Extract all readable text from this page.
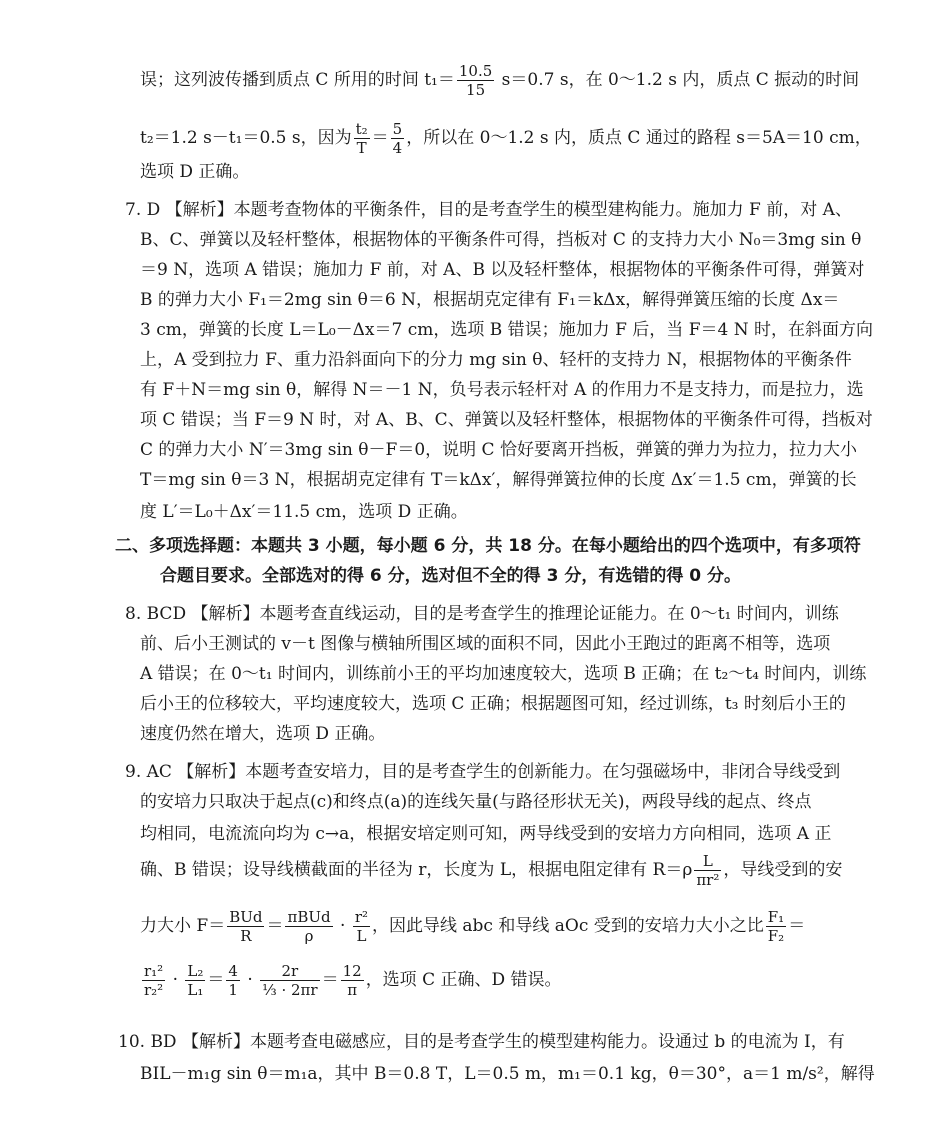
误；这列波传播到质点 C 所用的时间 $t_1= \frac{10.5}{15} s=0.7$ s，在 0～1.2 s 内，质点 C 振动的时间
t₂＝1.2 s－t₁＝0.5 s，因为 $\frac{\text{t₂}}{T} = \frac{5}{4}$ ，所以在 0～1.2 s 内，质点 C 通过的路程 s＝5A＝10 cm，
选项 D 正确。
7. D 【解析】本题考查物体的平衡条件，目的是考查学生的模型建构能力。施加力 F 前，对 A、
B、C、弹簧以及轻杆整体，根据物体的平衡条件可得，挡板对 C 的支持力大小 N₀＝3mg sin θ
＝9 N，选项 A 错误；施加力 F 前，对 A、B 以及轻杆整体，根据物体的平衡条件可得，弹簧对
B 的弹力大小 F₁＝2mg sin θ＝6 N，根据胡克定律有 F₁＝kΔx，解得弹簧压缩的长度 Δx＝
3 cm，弹簧的长度 L＝L₀－Δx＝7 cm，选项 B 错误；施加力 F 后，当 F＝4 N 时，在斜面方向
上，A 受到拉力 F、重力沿斜面向下的分力 mg sin θ、轻杆的支持力 N，根据物体的平衡条件
有 F＋N＝mg sin θ，解得 N＝－1 N，负号表示轻杆对 A 的作用力不是支持力，而是拉力，选
项 C 错误；当 F＝9 N 时，对 A、B、C、弹簧以及轻杆整体，根据物体的平衡条件可得，挡板对
C 的弹力大小 N′＝3mg sin θ－F＝0，说明 C 恰好要离开挡板，弹簧的弹力为拉力，拉力大小
T＝mg sin θ＝3 N，根据胡克定律有 T＝kΔx′，解得弹簧拉伸的长度 Δx′＝1.5 cm，弹簧的长
度 L′＝L₀＋Δx′＝11.5 cm，选项 D 正确。
二、多项选择题：本题共 3 小题，每小题 6 分，共 18 分。在每小题给出的四个选项中，有多项符
合题目要求。全部选对的得 6 分，选对但不全的得 3 分，有选错的得 0 分。
8. BCD 【解析】本题考查直线运动，目的是考查学生的推理论证能力。在 0～t₁ 时间内，训练
前、后小王测试的 v－t 图像与横轴所围区域的面积不同，因此小王跑过的距离不相等，选项
A 错误；在 0～t₁ 时间内，训练前小王的平均加速度较大，选项 B 正确；在 t₂～t₄ 时间内，训练
后小王的位移较大，平均速度较大，选项 C 正确；根据题图可知，经过训练，t₃ 时刻后小王的
速度仍然在增大，选项 D 正确。
9. AC 【解析】本题考查安培力，目的是考查学生的创新能力。在匀强磁场中，非闭合导线受到
的安培力只取决于起点(c)和终点(a)的连线矢量(与路径形状无关)，两段导线的起点、终点
均相同，电流流向均为 c→a，根据安培定则可知，两导线受到的安培力方向相同，选项 A 正
确、B 错误；设导线横截面的半径为 r，长度为 L，根据电阻定律有 $R=\rho \frac{L}{\text{πr²}}$ ，导线受到的安
力大小 $F= \frac{\text{BUd}}{R} = \frac{\text{πBUd}}{\rho} \cdot \frac{\text{r²}}{L}$ ，因此导线 abc 和导线 aOc 受到的安培力大小之比 $\frac{\text{F₁}}{\text{F₂}}$ ＝
$\frac{\text{r₁²}}{\text{r₂²}} \cdot \frac{\text{L₂}}{\text{L₁}} = \frac{4}{1} \cdot \frac{2r}{\text{⅓ · 2πr}} = \frac{12}{\pi}$ ，选项 C 正确、D 错误。
10. BD 【解析】本题考查电磁感应，目的是考查学生的模型建构能力。设通过 b 的电流为 I，有
BIL－m₁g sin θ＝m₁a，其中 B＝0.8 T，L＝0.5 m，m₁＝0.1 kg，θ＝30°，a＝1 m/s²，解得
